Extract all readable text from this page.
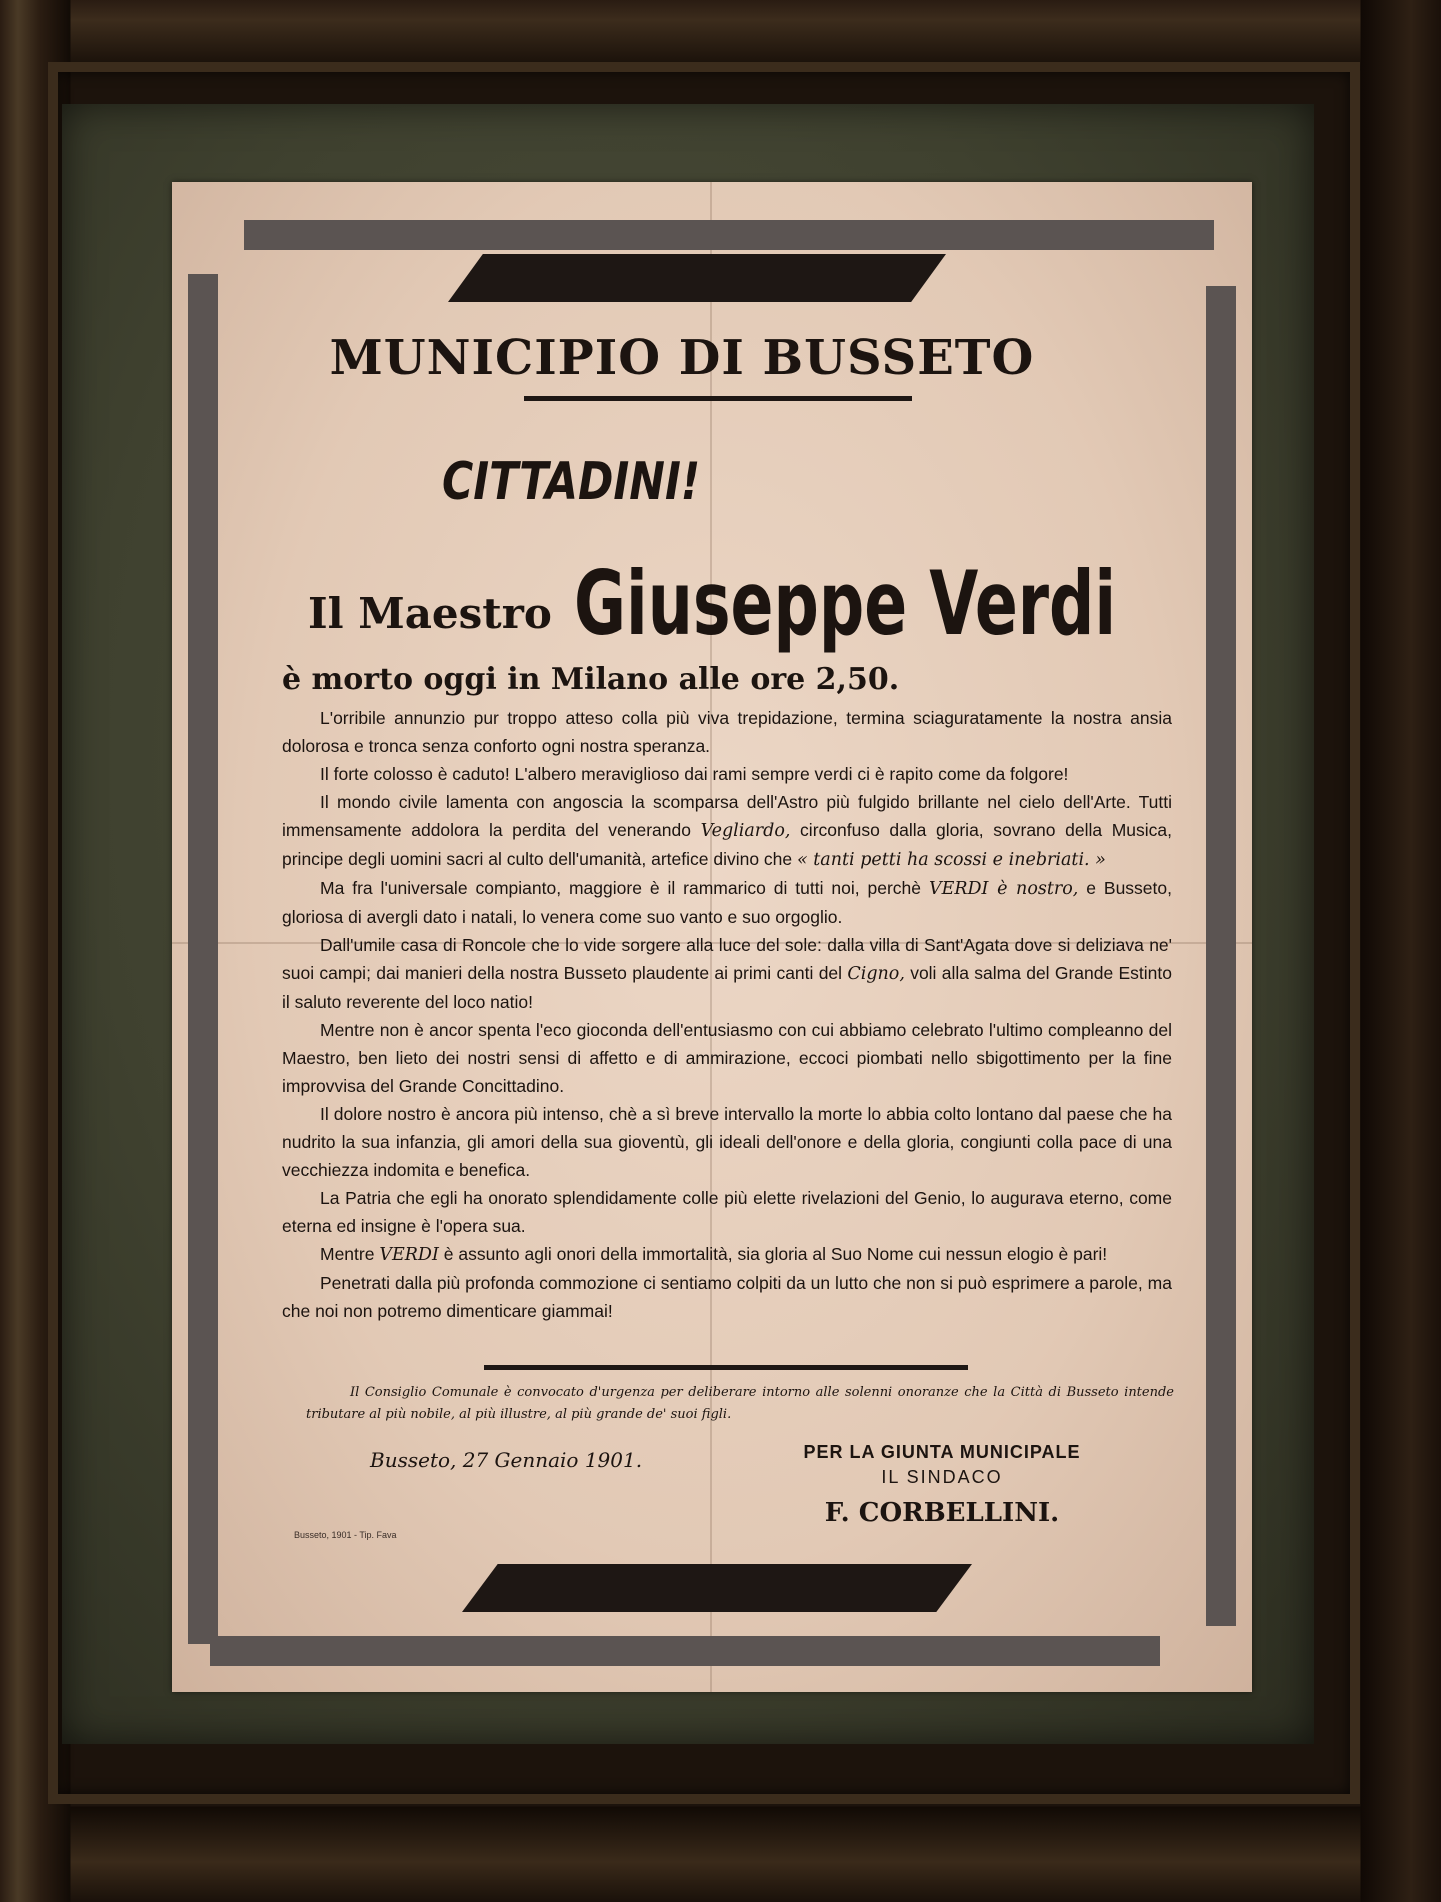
MUNICIPIO DI BUSSETO
CITTADINI!
Il Maestro Giuseppe Verdi
è morto oggi in Milano alle ore 2,50.

L'orribile annunzio pur troppo atteso colla più viva trepidazione, termina sciaguratamente la nostra ansia dolorosa e tronca senza conforto ogni nostra speranza.

Il forte colosso è caduto! L'albero meraviglioso dai rami sempre verdi ci è rapito come da folgore!

Il mondo civile lamenta con angoscia la scomparsa dell'Astro più fulgido brillante nel cielo dell'Arte. Tutti immensamente addolora la perdita del venerando Vegliardo, circonfuso dalla gloria, sovrano della Musica, principe degli uomini sacri al culto dell'umanità, artefice divino che « tanti petti ha scossi e inebriati. »

Ma fra l'universale compianto, maggiore è il rammarico di tutti noi, perchè VERDI è nostro, e Busseto, gloriosa di avergli dato i natali, lo venera come suo vanto e suo orgoglio.

Dall'umile casa di Roncole che lo vide sorgere alla luce del sole: dalla villa di Sant'Agata dove si deliziava ne' suoi campi; dai manieri della nostra Busseto plaudente ai primi canti del Cigno, voli alla salma del Grande Estinto il saluto reverente del loco natio!

Mentre non è ancor spenta l'eco gioconda dell'entusiasmo con cui abbiamo celebrato l'ultimo compleanno del Maestro, ben lieto dei nostri sensi di affetto e di ammirazione, eccoci piombati nello sbigottimento per la fine improvvisa del Grande Concittadino.

Il dolore nostro è ancora più intenso, chè a sì breve intervallo la morte lo abbia colto lontano dal paese che ha nudrito la sua infanzia, gli amori della sua gioventù, gli ideali dell'onore e della gloria, congiunti colla pace di una vecchiezza indomita e benefica.

La Patria che egli ha onorato splendidamente colle più elette rivelazioni del Genio, lo augurava eterno, come eterna ed insigne è l'opera sua.

Mentre VERDI è assunto agli onori della immortalità, sia gloria al Suo Nome cui nessun elogio è pari!

Penetrati dalla più profonda commozione ci sentiamo colpiti da un lutto che non si può esprimere a parole, ma che noi non potremo dimenticare giammai!

Il Consiglio Comunale è convocato d'urgenza per deliberare intorno alle solenni onoranze che la Città di Busseto intende tributare al più nobile, al più illustre, al più grande de' suoi figli.
Busseto, 27 Gennaio 1901.	PER LA GIUNTA MUNICIPALE
IL SINDACO
F. CORBELLINI.
Busseto, 1901 - Tip. Fava
